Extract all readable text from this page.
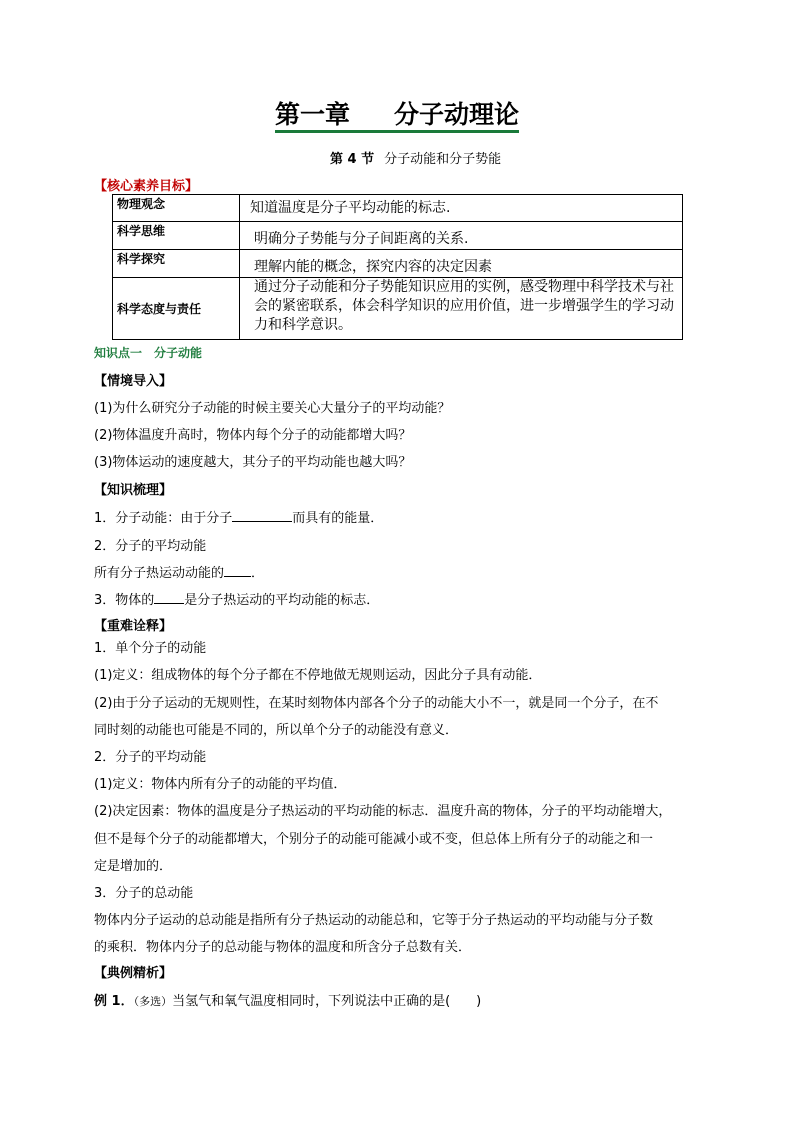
第一章 分子动理论
第 4 节 分子动能和分子势能
【核心素养目标】
物理观念	知道温度是分子平均动能的标志.
科学思维	明确分子势能与分子间距离的关系.
科学探究	理解内能的概念，探究内容的决定因素
科学态度与责任	通过分子动能和分子势能知识应用的实例，感受物理中科学技术与社会的紧密联系，体会科学知识的应用价值，进一步增强学生的学习动力和科学意识。
知识点一　分子动能
【情境导入】
(1)为什么研究分子动能的时候主要关心大量分子的平均动能？
(2)物体温度升高时，物体内每个分子的动能都增大吗？
(3)物体运动的速度越大，其分子的平均动能也越大吗？
【知识梳理】
1．分子动能：由于分子	而具有的能量．
2．分子的平均动能
所有分子热运动动能的 ．
3．物体的 是分子热运动的平均动能的标志．
【重难诠释】
1．单个分子的动能
(1)定义：组成物体的每个分子都在不停地做无规则运动，因此分子具有动能．
(2)由于分子运动的无规则性，在某时刻物体内部各个分子的动能大小不一，就是同一个分子，在不
同时刻的动能也可能是不同的，所以单个分子的动能没有意义．
2．分子的平均动能
(1)定义：物体内所有分子的动能的平均值．
(2)决定因素：物体的温度是分子热运动的平均动能的标志．温度升高的物体，分子的平均动能增大，
但不是每个分子的动能都增大，个别分子的动能可能减小或不变，但总体上所有分子的动能之和一
定是增加的．
3．分子的总动能
物体内分子运动的总动能是指所有分子热运动的动能总和，它等于分子热运动的平均动能与分子数
的乘积．物体内分子的总动能与物体的温度和所含分子总数有关．
【典例精析】
例 1．（多选）当氢气和氧气温度相同时，下列说法中正确的是(　　)
